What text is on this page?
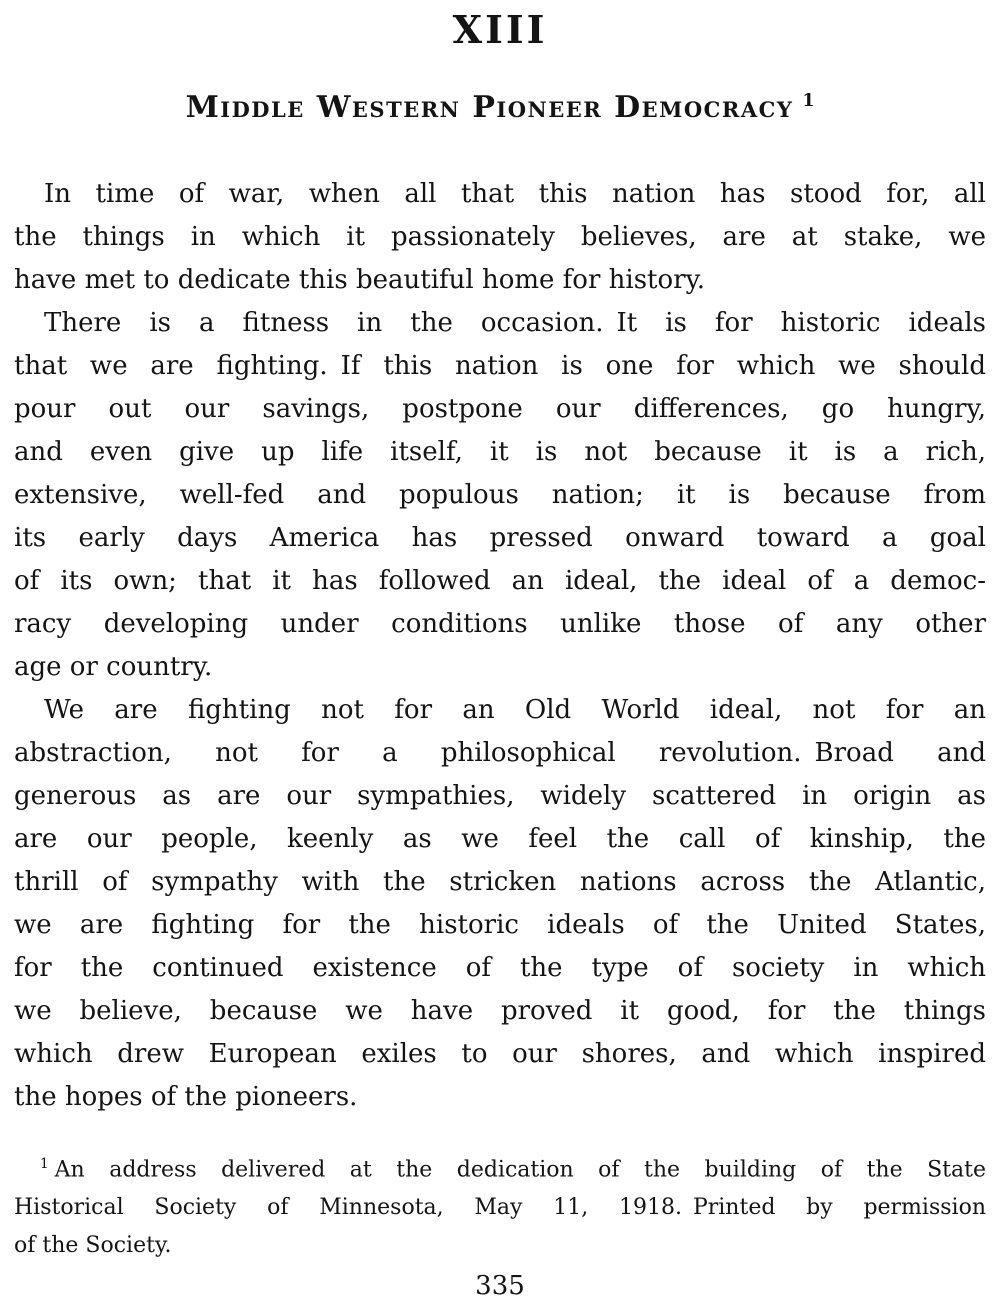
XIII
Middle Western Pioneer Democracy $^1$
In time of war, when all that this nation has stood for, all
the things in which it passionately believes, are at stake, we
have met to dedicate this beautiful home for history.
There is a fitness in the occasion. It is for historic ideals
that we are fighting. If this nation is one for which we should
pour out our savings, postpone our differences, go hungry,
and even give up life itself, it is not because it is a rich,
extensive, well-fed and populous nation; it is because from
its early days America has pressed onward toward a goal
of its own; that it has followed an ideal, the ideal of a democ-
racy developing under conditions unlike those of any other
age or country.
We are fighting not for an Old World ideal, not for an
abstraction, not for a philosophical revolution. Broad and
generous as are our sympathies, widely scattered in origin as
are our people, keenly as we feel the call of kinship, the
thrill of sympathy with the stricken nations across the Atlantic,
we are fighting for the historic ideals of the United States,
for the continued existence of the type of society in which
we believe, because we have proved it good, for the things
which drew European exiles to our shores, and which inspired
the hopes of the pioneers.
$^1$ An address delivered at the dedication of the building of the State
Historical Society of Minnesota, May 11, 1918. Printed by permission
of the Society.
335
